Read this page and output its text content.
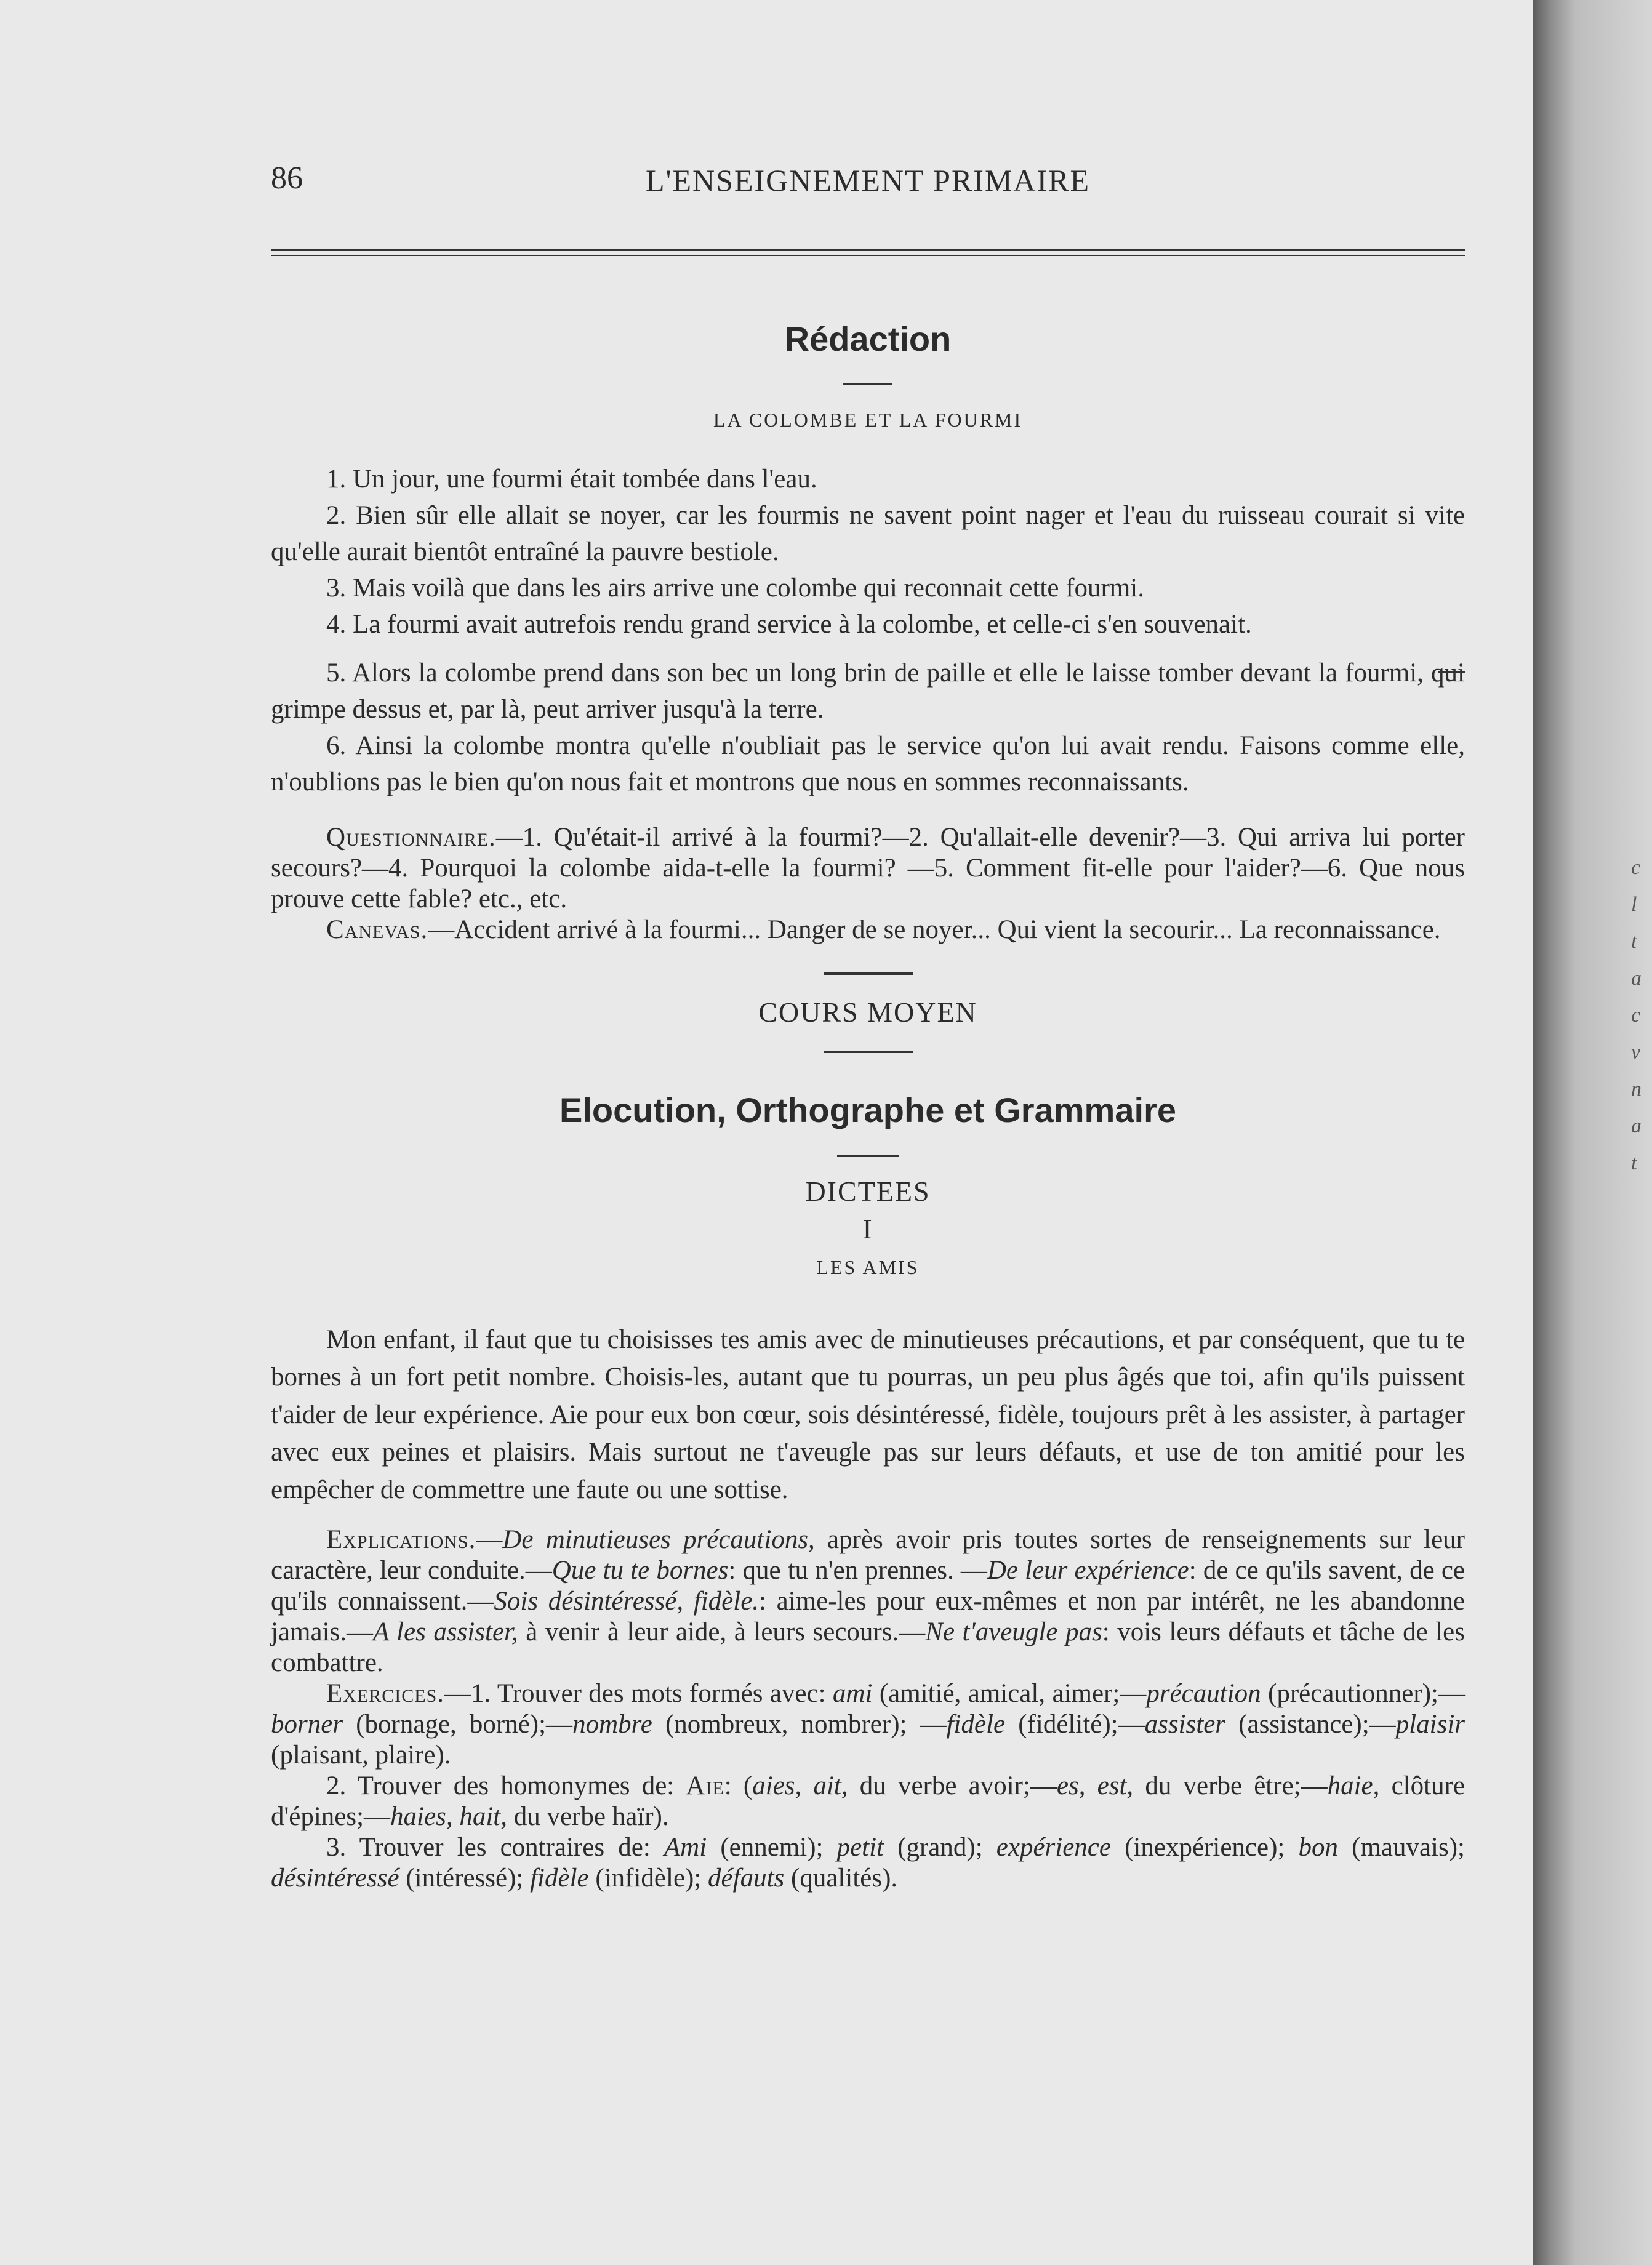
86	L'ENSEIGNEMENT PRIMAIRE
Rédaction
LA COLOMBE ET LA FOURMI

1. Un jour, une fourmi était tombée dans l'eau.

2. Bien sûr elle allait se noyer, car les fourmis ne savent point nager et l'eau du ruisseau courait si vite qu'elle aurait bientôt entraîné la pauvre bestiole.

3. Mais voilà que dans les airs arrive une colombe qui reconnait cette fourmi.

4. La fourmi avait autrefois rendu grand service à la colombe, et celle-ci s'en souvenait.

5. Alors la colombe prend dans son bec un long brin de paille et elle le laisse tomber devant la fourmi, qui grimpe dessus et, par là, peut arriver jusqu'à la terre.

6. Ainsi la colombe montra qu'elle n'oubliait pas le service qu'on lui avait rendu. Faisons comme elle, n'oublions pas le bien qu'on nous fait et montrons que nous en sommes reconnaissants.

Questionnaire.—1. Qu'était-il arrivé à la fourmi?—2. Qu'allait-elle devenir?—3. Qui arriva lui porter secours?—4. Pourquoi la colombe aida-t-elle la fourmi? —5. Comment fit-elle pour l'aider?—6. Que nous prouve cette fable? etc., etc.

Canevas.—Accident arrivé à la fourmi... Danger de se noyer... Qui vient la secourir... La reconnaissance.

COURS MOYEN
Elocution, Orthographe et Grammaire
DICTEES
I
LES AMIS

Mon enfant, il faut que tu choisisses tes amis avec de minutieuses précautions, et par conséquent, que tu te bornes à un fort petit nombre. Choisis-les, autant que tu pourras, un peu plus âgés que toi, afin qu'ils puissent t'aider de leur expérience. Aie pour eux bon cœur, sois désintéressé, fidèle, toujours prêt à les assister, à partager avec eux peines et plaisirs. Mais surtout ne t'aveugle pas sur leurs défauts, et use de ton amitié pour les empêcher de commettre une faute ou une sottise.

Explications.—De minutieuses précautions, après avoir pris toutes sortes de renseignements sur leur caractère, leur conduite.—Que tu te bornes: que tu n'en prennes. —De leur expérience: de ce qu'ils savent, de ce qu'ils connaissent.—Sois désintéressé, fidèle.: aime-les pour eux-mêmes et non par intérêt, ne les abandonne jamais.—A les assister, à venir à leur aide, à leurs secours.—Ne t'aveugle pas: vois leurs défauts et tâche de les combattre.

Exercices.—1. Trouver des mots formés avec: ami (amitié, amical, aimer;—précaution (précautionner);—borner (bornage, borné);—nombre (nombreux, nombrer); —fidèle (fidélité);—assister (assistance);—plaisir (plaisant, plaire).

2. Trouver des homonymes de: Aie: (aies, ait, du verbe avoir;—es, est, du verbe être;—haie, clôture d'épines;—haies, hait, du verbe haïr).

3. Trouver les contraires de: Ami (ennemi); petit (grand); expérience (inexpérience); bon (mauvais); désintéressé (intéressé); fidèle (infidèle); défauts (qualités).

c
l
t
a
c
v
n
a
t
